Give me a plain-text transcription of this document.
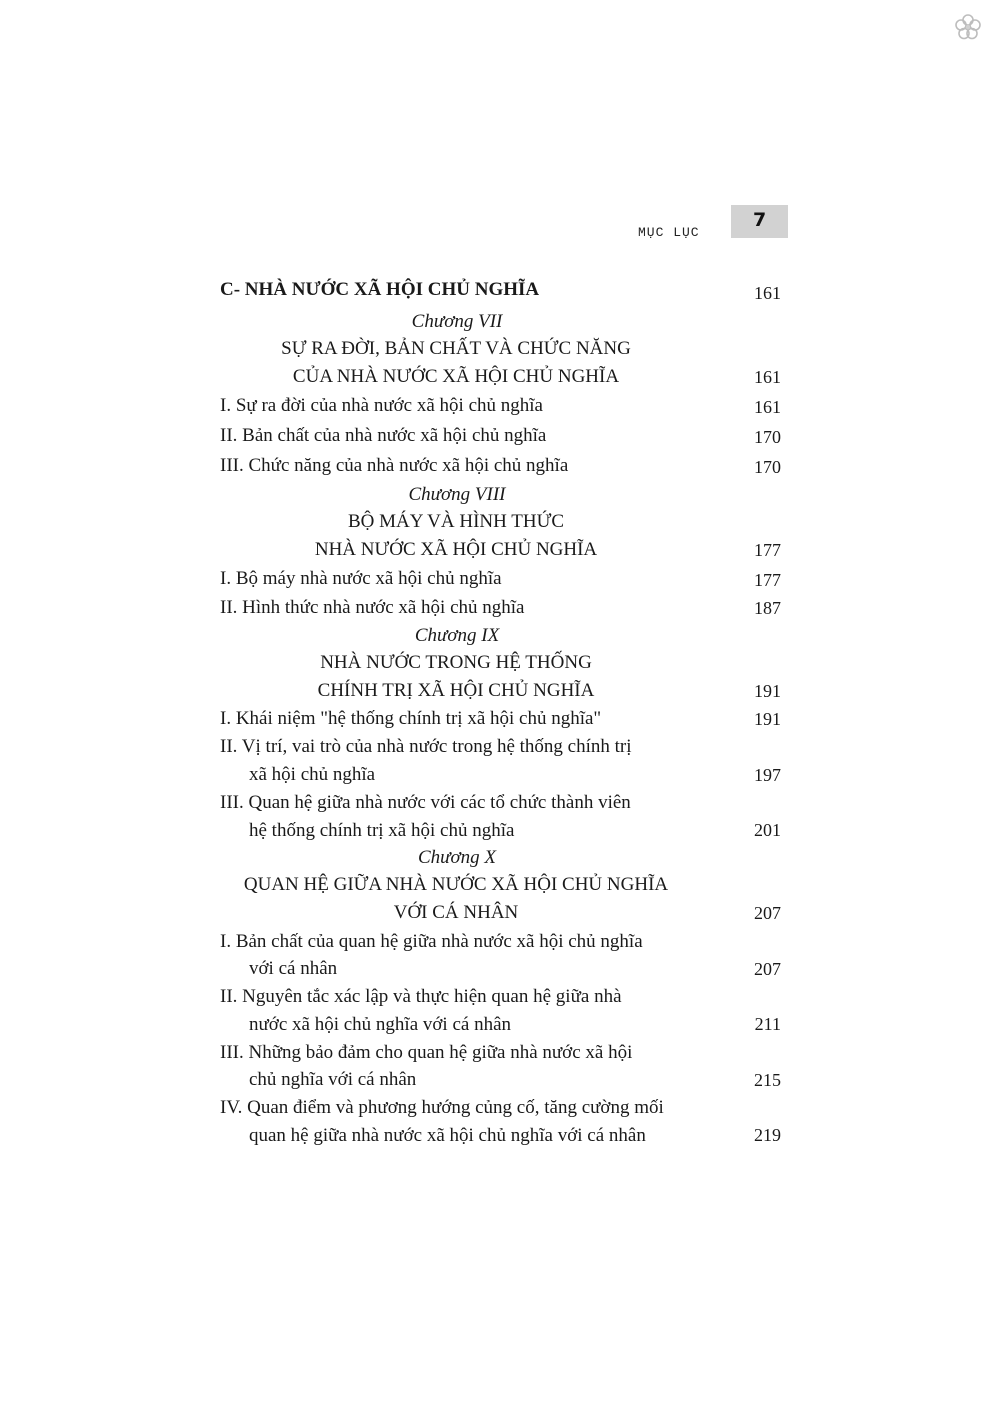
MỤC LỤC
7
C- NHÀ NƯỚC XÃ HỘI CHỦ NGHĨA	161
Chương VII
SỰ RA ĐỜI, BẢN CHẤT VÀ CHỨC NĂNG
CỦA NHÀ NƯỚC XÃ HỘI CHỦ NGHĨA	161
I. Sự ra đời của nhà nước xã hội chủ nghĩa	161
II. Bản chất của nhà nước xã hội chủ nghĩa	170
III. Chức năng của nhà nước xã hội chủ nghĩa	170
Chương VIII
BỘ MÁY VÀ HÌNH THỨC
NHÀ NƯỚC XÃ HỘI CHỦ NGHĨA	177
I. Bộ máy nhà nước xã hội chủ nghĩa	177
II. Hình thức nhà nước xã hội chủ nghĩa	187
Chương IX
NHÀ NƯỚC TRONG HỆ THỐNG
CHÍNH TRỊ XÃ HỘI CHỦ NGHĨA	191
I. Khái niệm "hệ thống chính trị xã hội chủ nghĩa"	191
II. Vị trí, vai trò của nhà nước trong hệ thống chính trị
xã hội chủ nghĩa	197
III. Quan hệ giữa nhà nước với các tổ chức thành viên
hệ thống chính trị xã hội chủ nghĩa	201
Chương X
QUAN HỆ GIỮA NHÀ NƯỚC XÃ HỘI CHỦ NGHĨA
VỚI CÁ NHÂN	207
I. Bản chất của quan hệ giữa nhà nước xã hội chủ nghĩa
với cá nhân	207
II. Nguyên tắc xác lập và thực hiện quan hệ giữa nhà
nước xã hội chủ nghĩa với cá nhân	211
III. Những bảo đảm cho quan hệ giữa nhà nước xã hội
chủ nghĩa với cá nhân	215
IV. Quan điểm và phương hướng củng cố, tăng cường mối
quan hệ giữa nhà nước xã hội chủ nghĩa với cá nhân	219
